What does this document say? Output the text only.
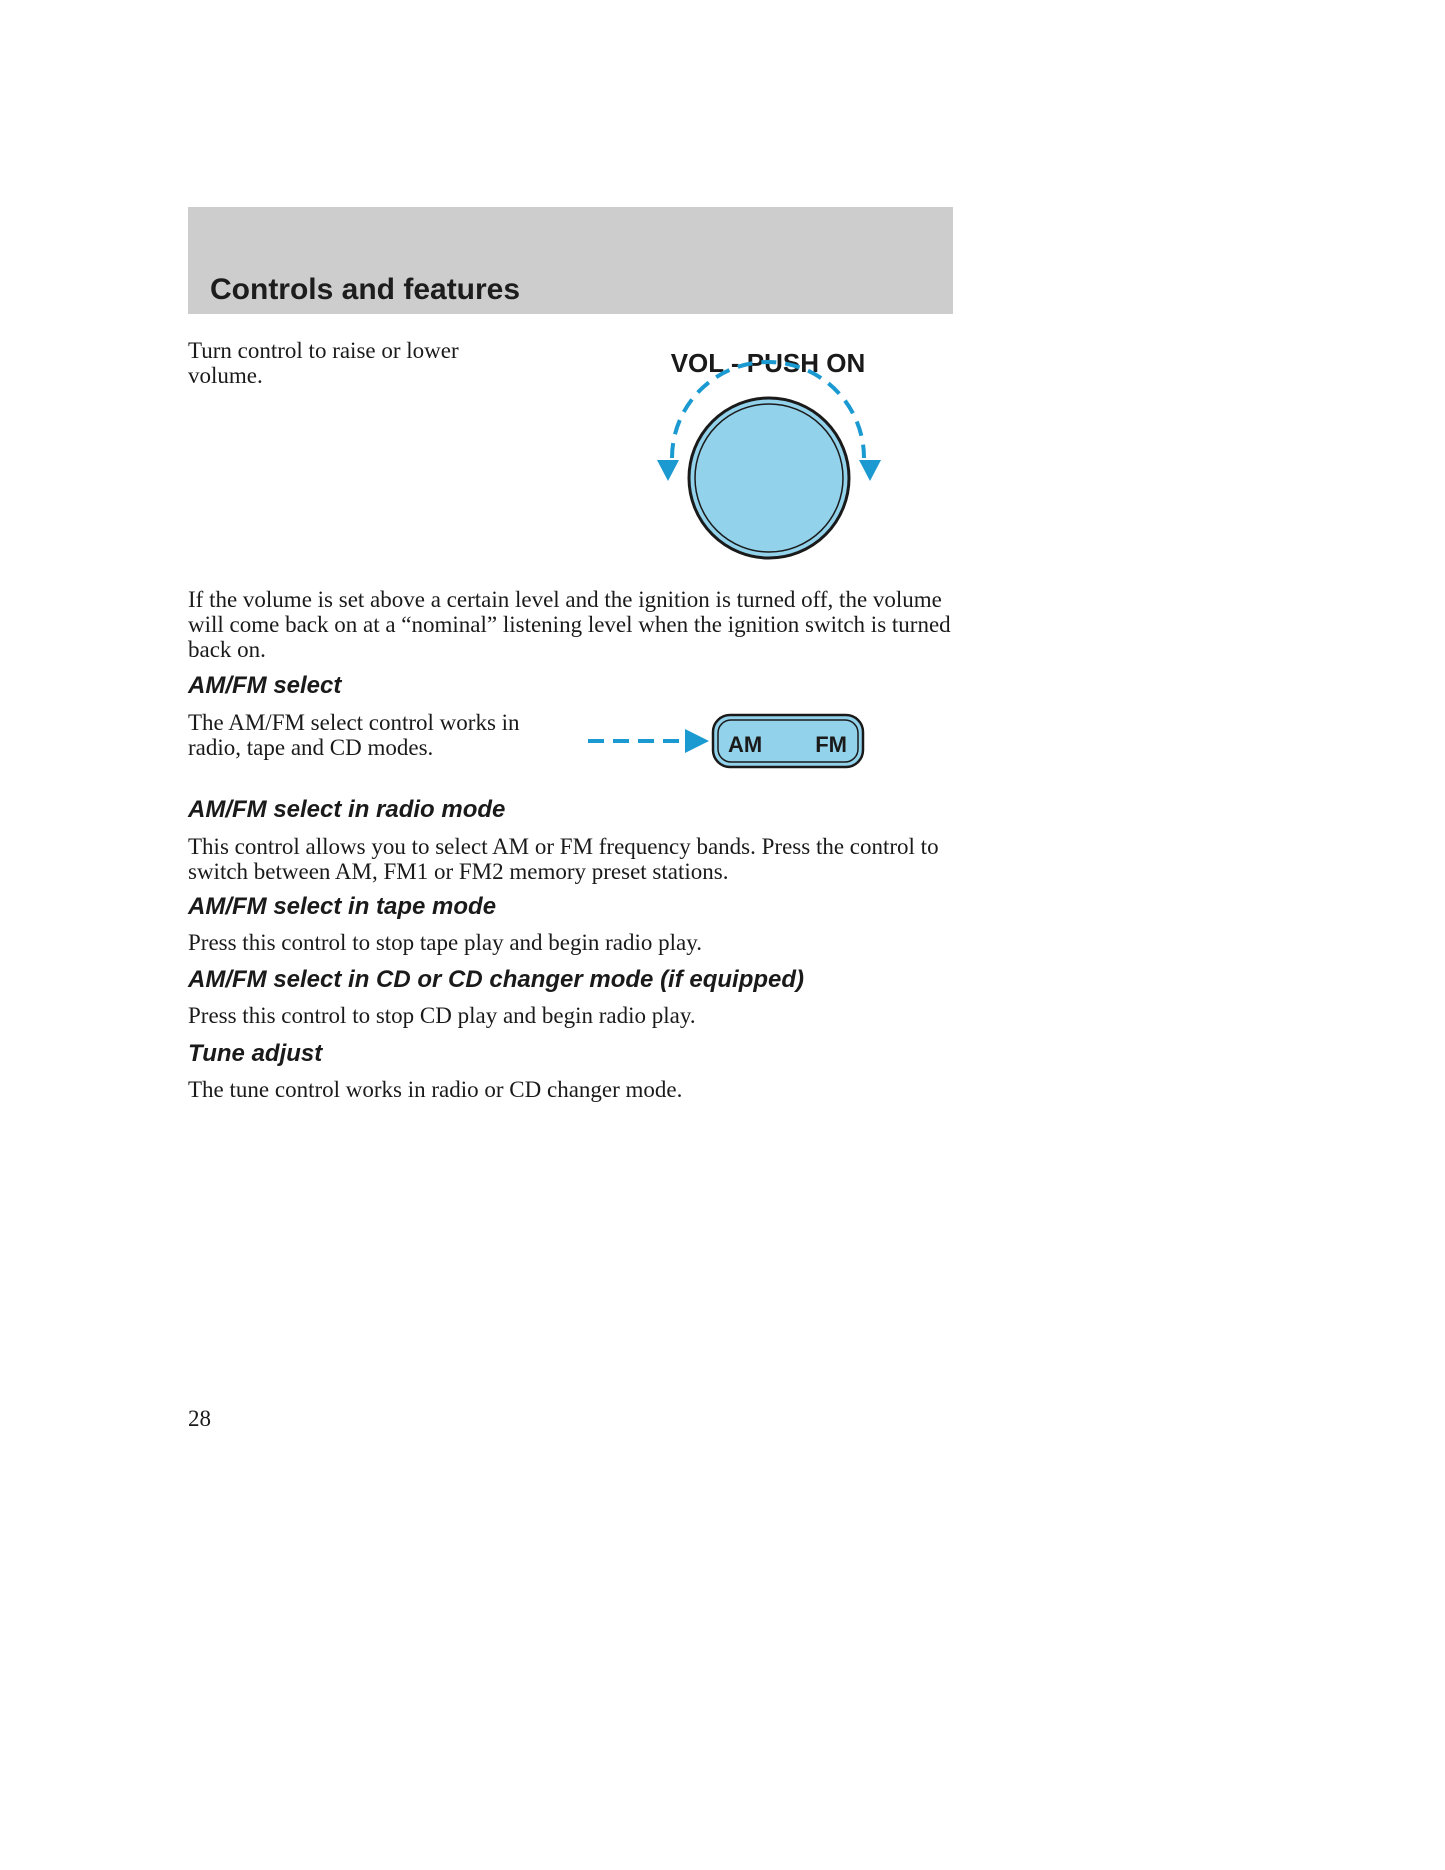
Controls and features

Turn control to raise or lower volume.	VOL - PUSH ON

If the volume is set above a certain level and the ignition is turned off, the volume will come back on at a “nominal” listening level when the ignition switch is turned back on.

AM/FM select

The AM/FM select control works in radio, tape and CD modes.	AM FM
AM/FM select in radio mode

This control allows you to select AM or FM frequency bands. Press the control to switch between AM, FM1 or FM2 memory preset stations.

AM/FM select in tape mode

Press this control to stop tape play and begin radio play.

AM/FM select in CD or CD changer mode (if equipped)

Press this control to stop CD play and begin radio play.

Tune adjust

The tune control works in radio or CD changer mode.

28
